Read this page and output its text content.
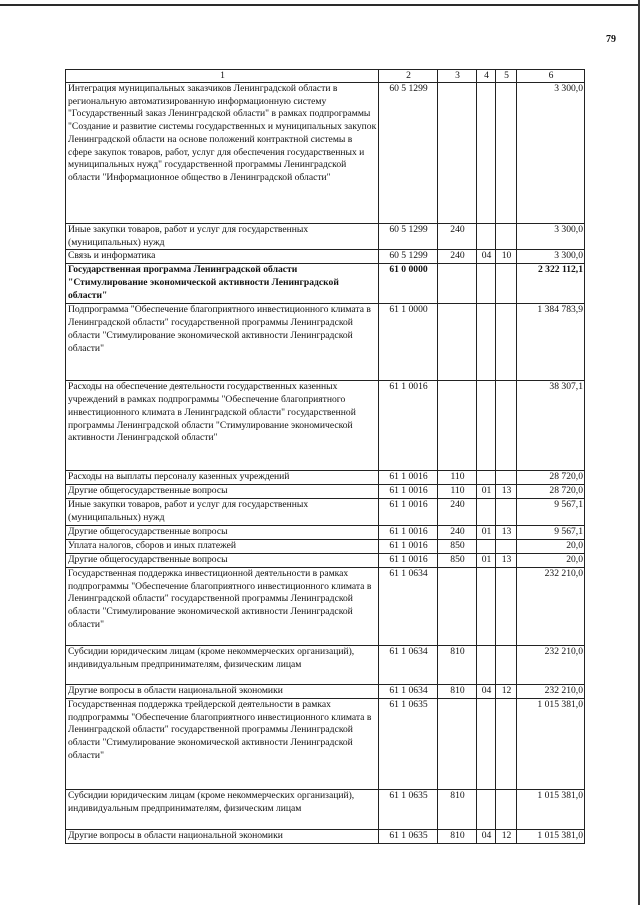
79
1	2	3	4	5	6
Интеграция муниципальных заказчиков Ленинградской области в региональную автоматизированную информационную систему "Государственный заказ Ленинградской области" в рамках подпрограммы "Создание и развитие системы государственных и муниципальных закупок Ленинградской области на основе положений контрактной системы в сфере закупок товаров, работ, услуг для обеспечения государственных и муниципальных нужд" государственной программы Ленинградской области "Информационное общество в Ленинградской области"	60 5 1299				3 300,0
Иные закупки товаров, работ и услуг для государственных (муниципальных) нужд	60 5 1299	240			3 300,0
Связь и информатика	60 5 1299	240	04	10	3 300,0
Государственная программа Ленинградской области "Стимулирование экономической активности Ленинградской области"	61 0 0000				2 322 112,1
Подпрограмма "Обеспечение благоприятного инвестиционного климата в Ленинградской области" государственной программы Ленинградской области "Стимулирование экономической активности Ленинградской области"	61 1 0000				1 384 783,9
Расходы на обеспечение деятельности государственных казенных учреждений в рамках подпрограммы "Обеспечение благоприятного инвестиционного климата в Ленинградской области" государственной программы Ленинградской области "Стимулирование экономической активности Ленинградской области"	61 1 0016				38 307,1
Расходы на выплаты персоналу казенных учреждений	61 1 0016	110			28 720,0
Другие общегосударственные вопросы	61 1 0016	110	01	13	28 720,0
Иные закупки товаров, работ и услуг для государственных (муниципальных) нужд	61 1 0016	240			9 567,1
Другие общегосударственные вопросы	61 1 0016	240	01	13	9 567,1
Уплата налогов, сборов и иных платежей	61 1 0016	850			20,0
Другие общегосударственные вопросы	61 1 0016	850	01	13	20,0
Государственная поддержка инвестиционной деятельности в рамках подпрограммы "Обеспечение благоприятного инвестиционного климата в Ленинградской области" государственной программы Ленинградской области "Стимулирование экономической активности Ленинградской области"	61 1 0634				232 210,0
Субсидии юридическим лицам (кроме некоммерческих организаций), индивидуальным предпринимателям, физическим лицам	61 1 0634	810			232 210,0
Другие вопросы в области национальной экономики	61 1 0634	810	04	12	232 210,0
Государственная поддержка трейдерской деятельности в рамках подпрограммы "Обеспечение благоприятного инвестиционного климата в Ленинградской области" государственной программы Ленинградской области "Стимулирование экономической активности Ленинградской области"	61 1 0635				1 015 381,0
Субсидии юридическим лицам (кроме некоммерческих организаций), индивидуальным предпринимателям, физическим лицам	61 1 0635	810			1 015 381,0
Другие вопросы в области национальной экономики	61 1 0635	810	04	12	1 015 381,0
